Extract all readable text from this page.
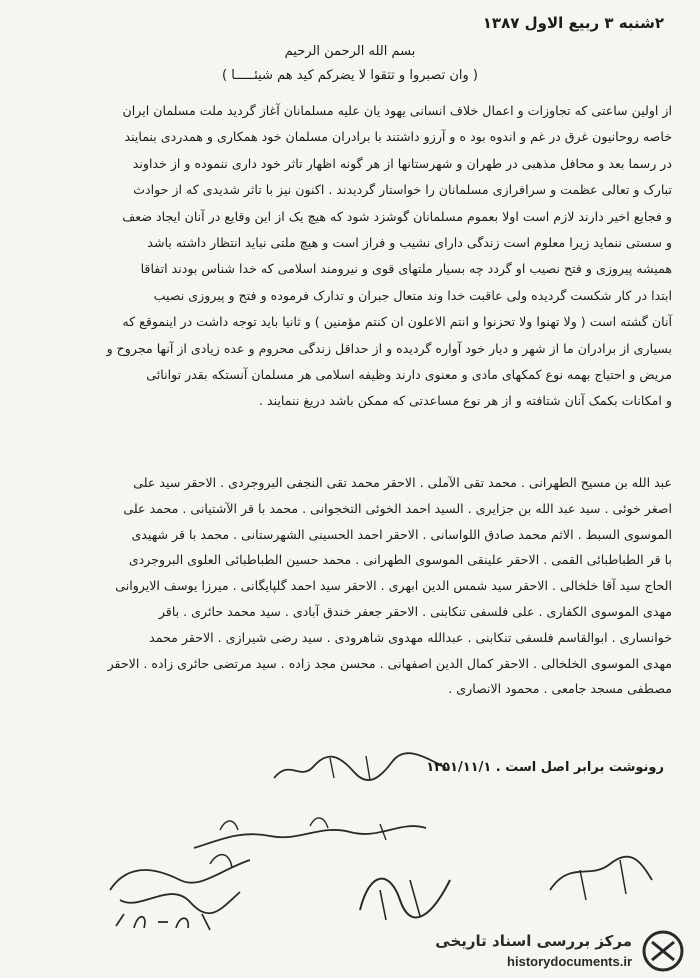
۲شنبه ۳ ربیع الاول ۱۳۸۷
بسم الله الرحمن الرحیم
( وان تصبروا و تتقوا لا یضرکم کید هم شیئـــــا )

از اولین ساعتی که تجاوزات و اعمال خلاف انسانی یهود یان علیه مسلمانان آغاز گردید ملت مسلمان ایران

خاصه روحانیون غرق در غم و اندوه بود ه و آرزو داشتند با برادران مسلمان خود همکاری و همدردی بنمایند

در رسما بعد و محافل مذهبی در طهران و شهرستانها از هر گونه اظهار تاثر خود داری ننموده و از خداوند

تبارک و تعالی عظمت و سرافرازی مسلمانان را خواستار گردیدند . اکنون نیز با تاثر شدیدی که از حوادث

و فجایع اخیر دارند لازم است اولا بعموم مسلمانان گوشزد شود که هیچ یک از این وقایع در آنان ایجاد ضعف

و سستی ننماید زیرا معلوم است زندگی دارای نشیب و فراز است و هیچ ملتی نباید انتظار داشته باشد

همیشه پیروزی و فتح نصیب او گردد چه بسیار ملتهای قوی و نیرومند اسلامی که خدا شناس بودند اتفاقا

ابتدا در کار شکست گردیده ولی عاقبت خدا وند متعال جبران و تدارک فرموده و فتح و پیروزی نصیب

آنان گشته است ( ولا تهنوا ولا تحزنوا و انتم الاعلون ان کنتم مؤمنین ) و ثانیا باید توجه داشت در اینموقع که

بسیاری از برادران ما از شهر و دیار خود آواره گردیده و از حداقل زندگی محروم و عده زیادی از آنها مجروح و

مریض و احتیاج بهمه نوع کمکهای مادی و معنوی دارند وظیفه اسلامی هر مسلمان آنستکه بقدر توانائی

و امکانات بکمک آنان شتافته و از هر نوع مساعدتی که ممکن باشد دریغ ننمایند .

عبد الله بن مسیح الطهرانی . محمد تقی الآملی . الاحقر محمد تقی النجفی البروجردی . الاحقر سید علی

اصغر خوئی . سید عبد الله بن جزایری . السید احمد الخوئی التخجوانی . محمد با قر الآشتیانی . محمد علی

الموسوی السبط . الاثم محمد صادق اللواسانی . الاحقر احمد الحسینی الشهرستانی . محمد با قر شهیدی

با قر الطباطبائی القمی . الاحقر علینقی الموسوی الطهرانی . محمد حسین الطباطبائی العلوی البروجردی

الحاج سید آقا خلخالی . الاحقر سید شمس الدین ابهری . الاحقر سید احمد گلپایگانی . میرزا یوسف الایروانی

مهدی الموسوی الکفاری . علی فلسفی تنکابنی . الاحقر جعفر خندق آبادی . سید محمد حائری . باقر

خوانساری . ابوالقاسم فلسفی تنکابنی . عبدالله مهدوی شاهرودی . سید رضی شیرازی . الاحقر محمد

مهدی الموسوی الخلخالی . الاحقر کمال الدین اصفهانی . محسن مجد زاده . سید مرتضی حائری زاده . الاحقر

مصطفی مسجد جامعی . محمود الانصاری .

رونوشت برابر اصل است . ۱۳۵۱/۱۱/۱
مرکز بررسی اسناد تاریخی
historydocuments.ir
